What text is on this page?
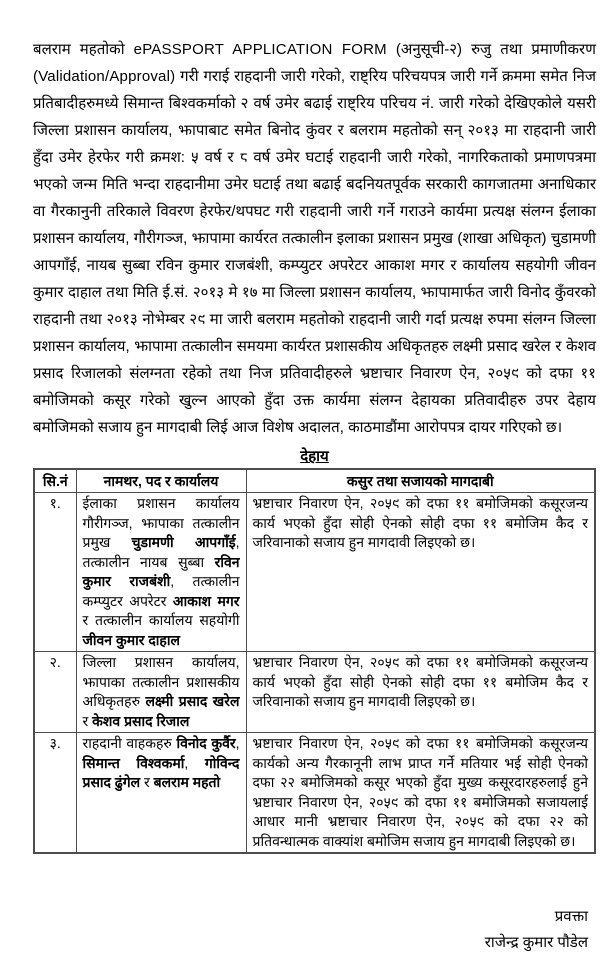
बलराम महतोको ePASSPORT APPLICATION FORM (अनुसूची-२) रुजु तथा प्रमाणीकरण (Validation/Approval) गरी गराई राहदानी जारी गरेको, राष्ट्रिय परिचयपत्र जारी गर्ने क्रममा समेत निज प्रतिबादीहरुमध्ये सिमान्त बिश्वकर्माको २ वर्ष उमेर बढाई राष्ट्रिय परिचय नं. जारी गरेको देखिएकोले यसरी जिल्ला प्रशासन कार्यालय, झापाबाट समेत बिनोद कुंवर र बलराम महतोको सन् २०१३ मा राहदानी जारी हुँदा उमेर हेरफेर गरी क्रमश: ५ वर्ष र ८ वर्ष उमेर घटाई राहदानी जारी गरेको, नागरिकताको प्रमाणपत्रमा भएको जन्म मिति भन्दा राहदानीमा उमेर घटाई तथा बढाई बदनियतपूर्वक सरकारी कागजातमा अनाधिकार वा गैरकानुनी तरिकाले विवरण हेरफेर/थपघट गरी राहदानी जारी गर्ने गराउने कार्यमा प्रत्यक्ष संलग्न ईलाका प्रशासन कार्यालय, गौरीगञ्ज, झापामा कार्यरत तत्कालीन इलाका प्रशासन प्रमुख (शाखा अधिकृत) चुडामणी आपगाँई, नायब सुब्बा रविन कुमार राजबंशी, कम्प्युटर अपरेटर आकाश मगर र कार्यालय सहयोगी जीवन कुमार दाहाल तथा मिति ई.सं. २०१३ मे १७ मा जिल्ला प्रशासन कार्यालय, झापामार्फत जारी विनोद कुँवरको राहदानी तथा २०१३ नोभेम्बर २९ मा जारी बलराम महतोको राहदानी जारी गर्दा प्रत्यक्ष रुपमा संलग्न जिल्ला प्रशासन कार्यालय, झापामा तत्कालीन समयमा कार्यरत प्रशासकीय अधिकृतहरु लक्ष्मी प्रसाद खरेल र केशव प्रसाद रिजालको संलग्नता रहेको तथा निज प्रतिवादीहरुले भ्रष्टाचार निवारण ऐन, २०५९ को दफा ११ बमोजिमको कसूर गरेको खुल्न आएको हुँदा उक्त कार्यमा संलग्न देहायका प्रतिवादीहरु उपर देहाय बमोजिमको सजाय हुन मागदाबी लिई आज विशेष अदालत, काठमाडौंमा आरोपपत्र दायर गरिएको छ।

देहाय
सि.नं	नामथर, पद र कार्यालय	कसुर तथा सजायको मागदाबी
१.	ईलाका प्रशासन कार्यालय गौरीगञ्ज, झापाका तत्कालीन प्रमुख चुडामणी आपगाँई, तत्कालीन नायब सुब्बा रविन कुमार राजबंशी, तत्कालीन कम्प्युटर अपरेटर आकाश मगर र तत्कालीन कार्यालय सहयोगी जीवन कुमार दाहाल	भ्रष्टाचार निवारण ऐन, २०५९ को दफा ११ बमोजिमको कसूरजन्य कार्य भएको हुँदा सोही ऐनको सोही दफा ११ बमोजिम कैद र जरिवानाको सजाय हुन मागदावी लिइएको छ।
२.	जिल्ला प्रशासन कार्यालय, झापाका तत्कालीन प्रशासकीय अधिकृतहरु लक्ष्मी प्रसाद खरेल र केशव प्रसाद रिजाल	भ्रष्टाचार निवारण ऐन, २०५९ को दफा ११ बमोजिमको कसूरजन्य कार्य भएको हुँदा सोही ऐनको सोही दफा ११ बमोजिम कैद र जरिवानाको सजाय हुन मागदावी लिइएको छ।
३.	राहदानी वाहकहरु विनोद कुर्वैर, सिमान्त विश्वकर्मा, गोविन्द प्रसाद ढुंगेल र बलराम महतो	भ्रष्टाचार निवारण ऐन, २०५९ को दफा ११ बमोजिमको कसूरजन्य कार्यको अन्य गैरकानूनी लाभ प्राप्त गर्ने मतियार भई सोही ऐनको दफा २२ बमोजिमको कसूर भएको हुँदा मुख्य कसूरदारहरुलाई हुने भ्रष्टाचार निवारण ऐन, २०५९ को दफा ११ बमोजिमको सजायलाई आधार मानी भ्रष्टाचार निवारण ऐन, २०५९ को दफा २२ को प्रतिवन्धात्मक वाक्यांश बमोजिम सजाय हुन मागदाबी लिइएको छ।
प्रवक्ता
राजेन्द्र कुमार पौडेल
